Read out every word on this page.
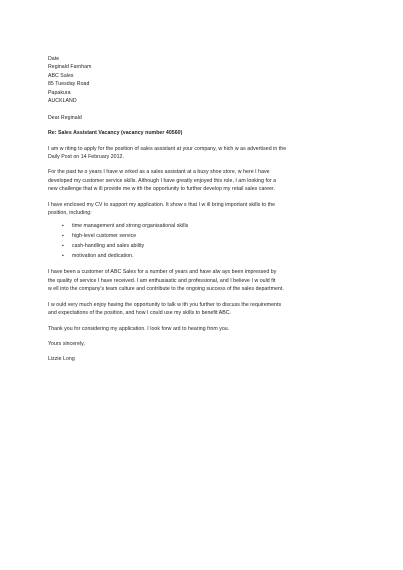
Date
Reginald Farnham
ABC Sales
85 Tuesday Road
Papakura
AUCKLAND
Dear Reginald
Re: Sales Assistant Vacancy (vacancy number 40560)
I am w riting to apply for the position of sales assistant at your company, w hich w as advertised in the
Daily Post on 14 February 2012.
For the past tw o years I have w orked as a sales assistant at a busy shoe store, w here I have
developed my customer service skills. Although I have greatly enjoyed this role, I am looking for a
new challenge that w ill provide me w ith the opportunity to further develop my retail sales career.
I have enclosed my CV to support my application. It show s that I w ill bring important skills to the
position, including:
▪ time management and strong organisational skills
▪ high-level customer service
▪ cash-handling and sales ability
▪ motivation and dedication.
I have been a customer of ABC Sales for a number of years and have alw ays been impressed by
the quality of service I have received. I am enthusiastic and professional, and I believe I w ould fit
w ell into the company's team culture and contribute to the ongoing success of the sales department.
I w ould very much enjoy having the opportunity to talk w ith you further to discuss the requirements
and expectations of the position, and how I could use my skills to benefit ABC.
Thank you for considering my application. I look forw ard to hearing from you.
Yours sincerely,
Lizzie Long
